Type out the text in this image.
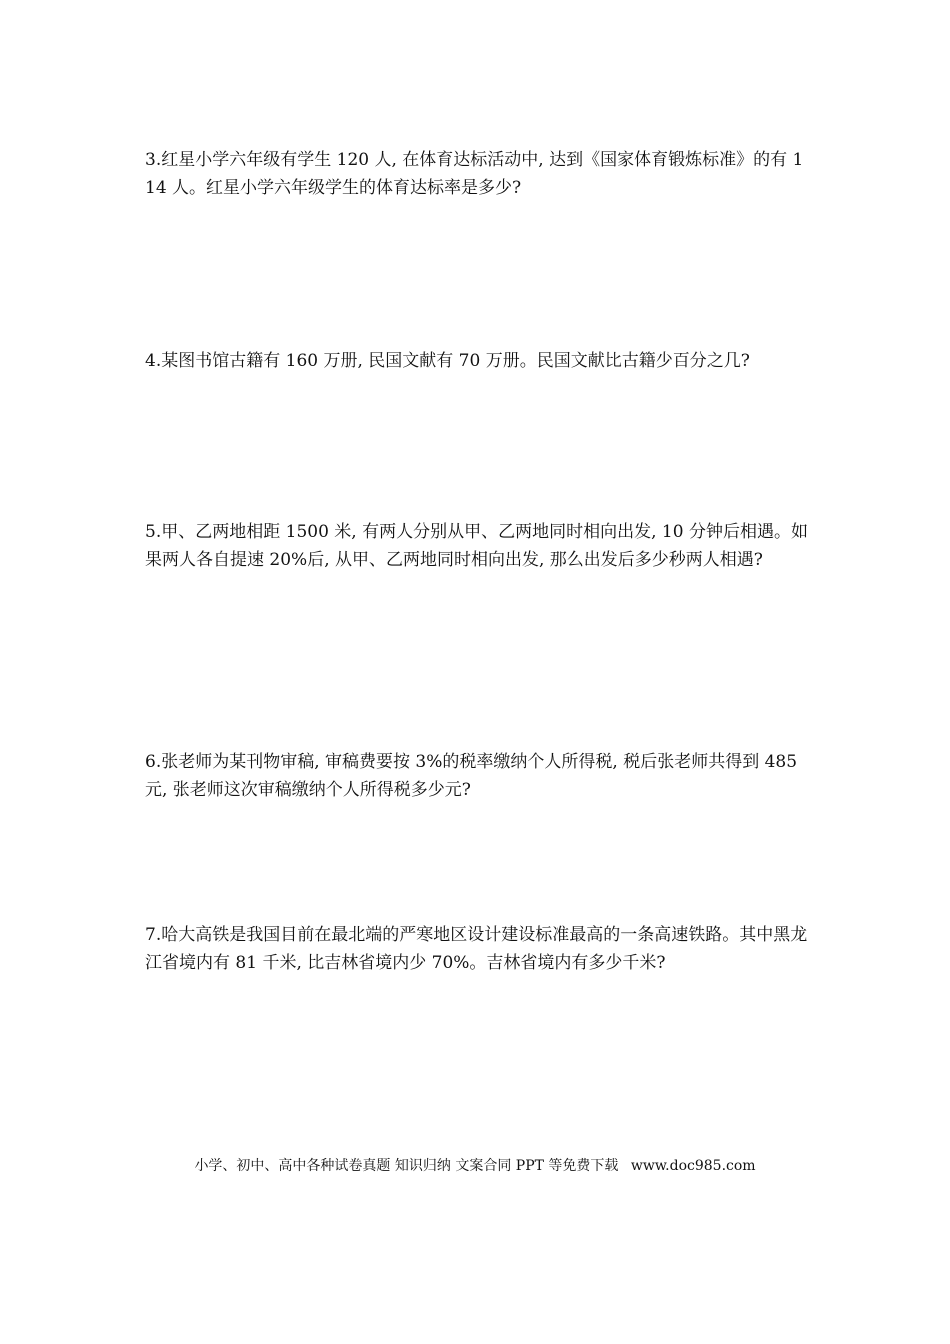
3.红星小学六年级有学生 120 人, 在体育达标活动中, 达到《国家体育锻炼标准》的有 114 人。红星小学六年级学生的体育达标率是多少?
4.某图书馆古籍有 160 万册, 民国文献有 70 万册。民国文献比古籍少百分之几?
5.甲、乙两地相距 1500 米, 有两人分别从甲、乙两地同时相向出发, 10 分钟后相遇。如果两人各自提速 20%后, 从甲、乙两地同时相向出发, 那么出发后多少秒两人相遇?
6.张老师为某刊物审稿, 审稿费要按 3%的税率缴纳个人所得税, 税后张老师共得到 485 元, 张老师这次审稿缴纳个人所得税多少元?
7.哈大高铁是我国目前在最北端的严寒地区设计建设标准最高的一条高速铁路。其中黑龙江省境内有 81 千米, 比吉林省境内少 70%。吉林省境内有多少千米?
小学、初中、高中各种试卷真题 知识归纳 文案合同 PPT 等免费下载 www.doc985.com
